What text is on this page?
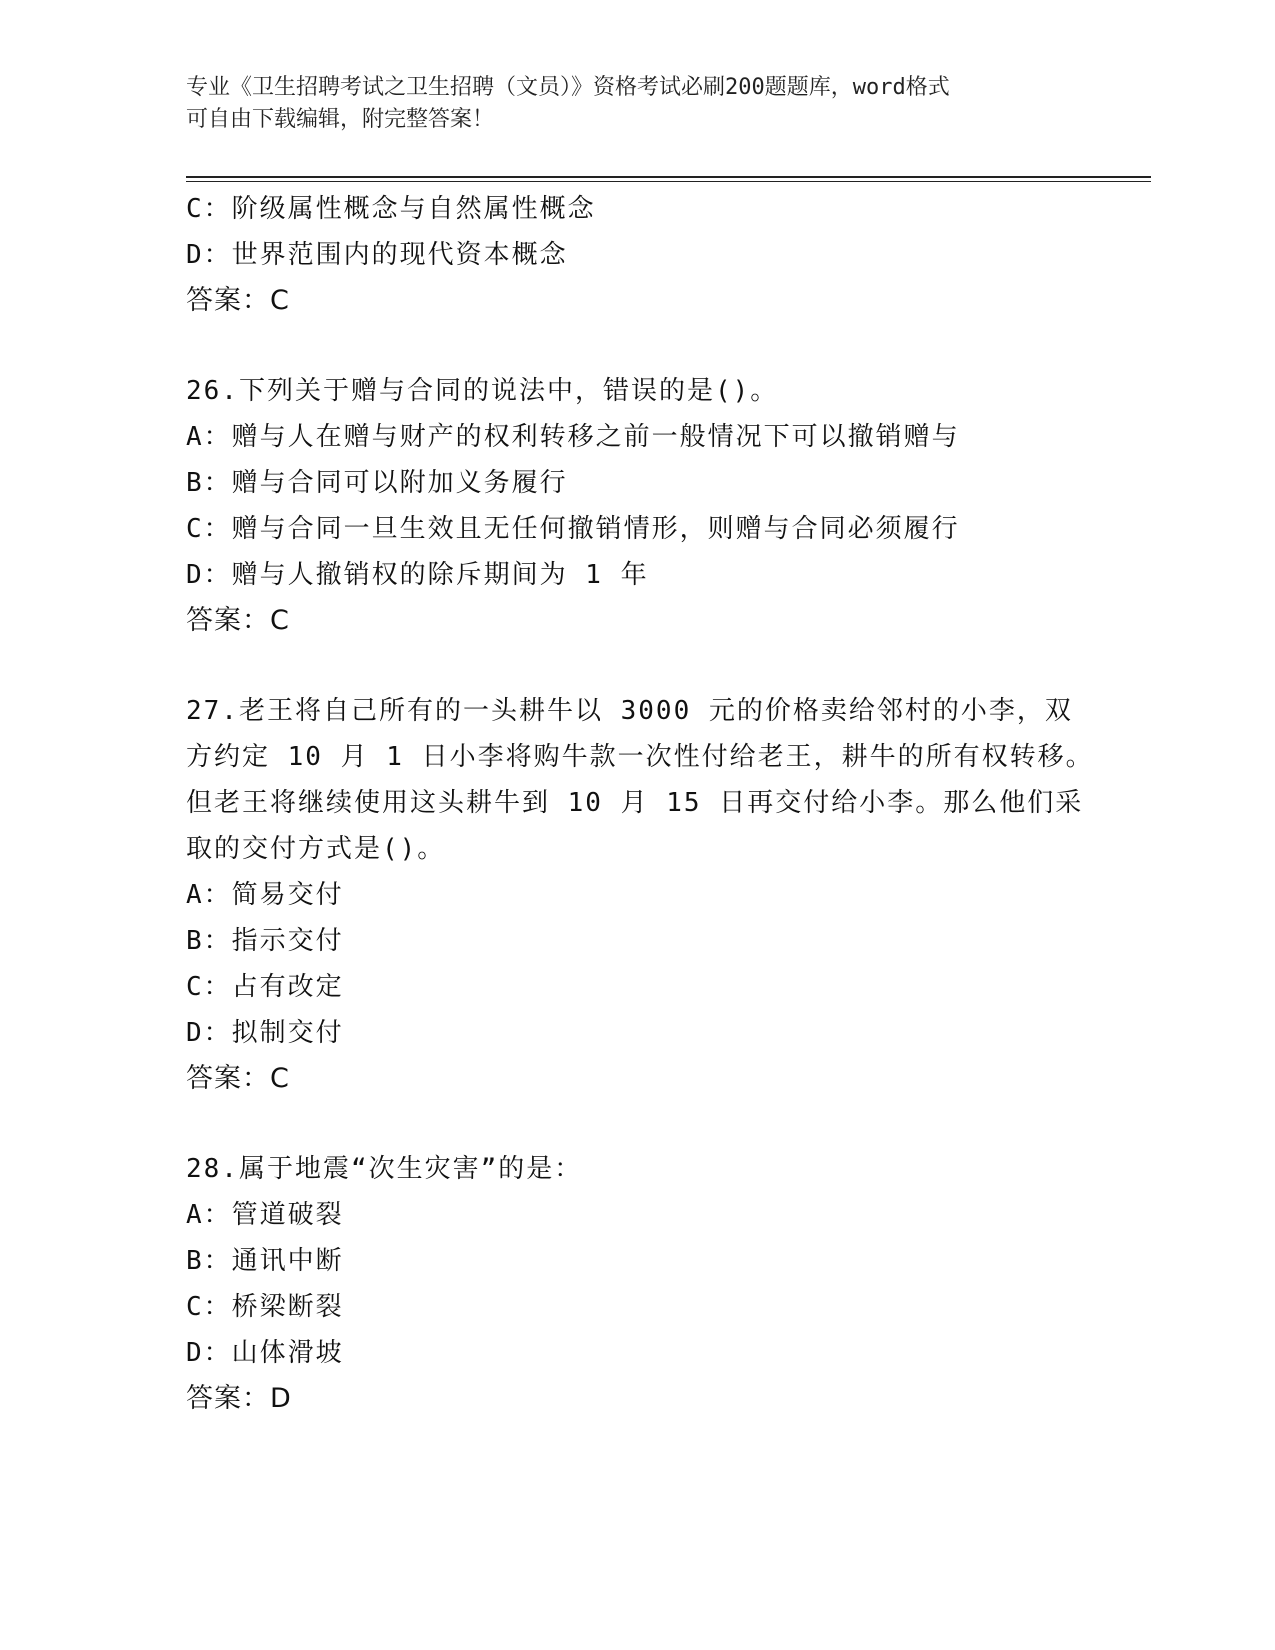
专业《卫生招聘考试之卫生招聘（文员）》资格考试必刷200题题库，word格式
可自由下载编辑，附完整答案！
C：阶级属性概念与自然属性概念
D：世界范围内的现代资本概念
答案：C
26.下列关于赠与合同的说法中，错误的是()。
A：赠与人在赠与财产的权利转移之前一般情况下可以撤销赠与
B：赠与合同可以附加义务履行
C：赠与合同一旦生效且无任何撤销情形，则赠与合同必须履行
D：赠与人撤销权的除斥期间为 1 年
答案：C
27.老王将自己所有的一头耕牛以 3000 元的价格卖给邻村的小李，双
方约定 10 月 1 日小李将购牛款一次性付给老王，耕牛的所有权转移。
但老王将继续使用这头耕牛到 10 月 15 日再交付给小李。那么他们采
取的交付方式是()。
A：简易交付
B：指示交付
C：占有改定
D：拟制交付
答案：C
28.属于地震“次生灾害”的是：
A：管道破裂
B：通讯中断
C：桥梁断裂
D：山体滑坡
答案：D
